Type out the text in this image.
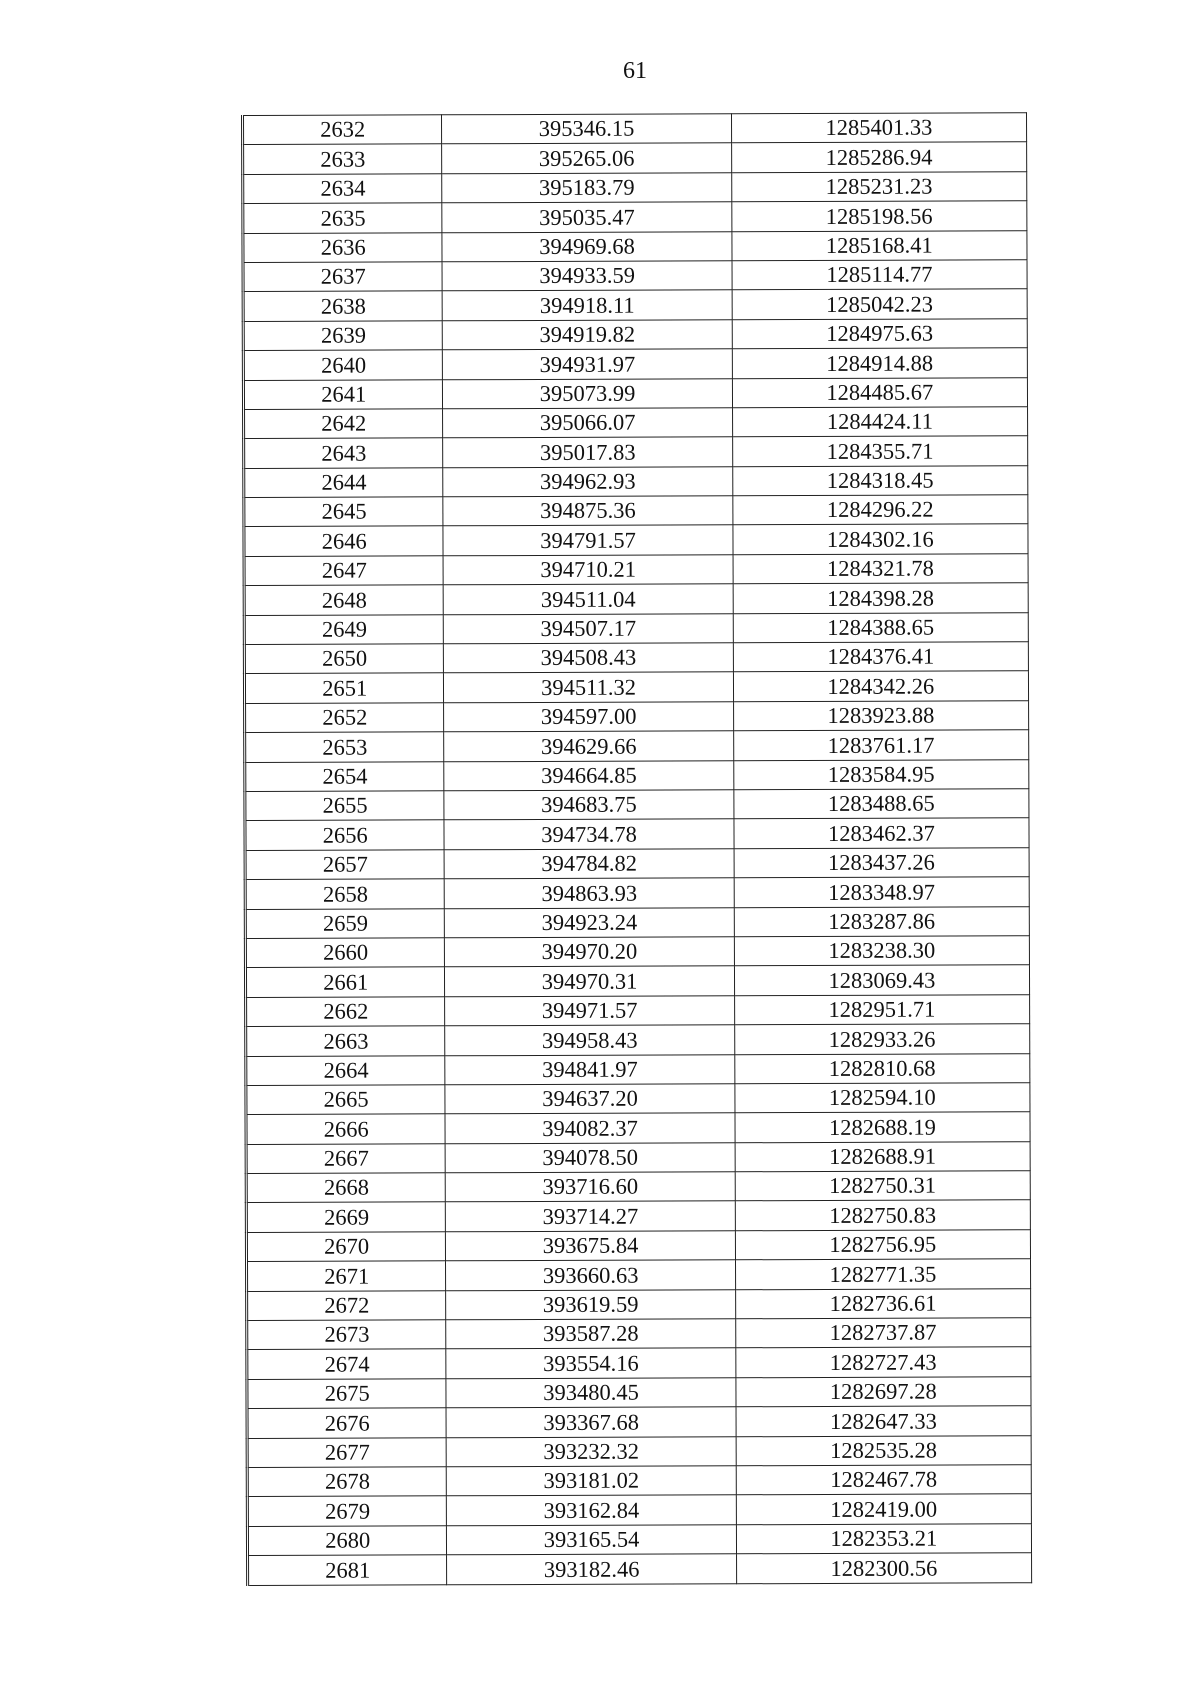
61
2632	395346.15	1285401.33
2633	395265.06	1285286.94
2634	395183.79	1285231.23
2635	395035.47	1285198.56
2636	394969.68	1285168.41
2637	394933.59	1285114.77
2638	394918.11	1285042.23
2639	394919.82	1284975.63
2640	394931.97	1284914.88
2641	395073.99	1284485.67
2642	395066.07	1284424.11
2643	395017.83	1284355.71
2644	394962.93	1284318.45
2645	394875.36	1284296.22
2646	394791.57	1284302.16
2647	394710.21	1284321.78
2648	394511.04	1284398.28
2649	394507.17	1284388.65
2650	394508.43	1284376.41
2651	394511.32	1284342.26
2652	394597.00	1283923.88
2653	394629.66	1283761.17
2654	394664.85	1283584.95
2655	394683.75	1283488.65
2656	394734.78	1283462.37
2657	394784.82	1283437.26
2658	394863.93	1283348.97
2659	394923.24	1283287.86
2660	394970.20	1283238.30
2661	394970.31	1283069.43
2662	394971.57	1282951.71
2663	394958.43	1282933.26
2664	394841.97	1282810.68
2665	394637.20	1282594.10
2666	394082.37	1282688.19
2667	394078.50	1282688.91
2668	393716.60	1282750.31
2669	393714.27	1282750.83
2670	393675.84	1282756.95
2671	393660.63	1282771.35
2672	393619.59	1282736.61
2673	393587.28	1282737.87
2674	393554.16	1282727.43
2675	393480.45	1282697.28
2676	393367.68	1282647.33
2677	393232.32	1282535.28
2678	393181.02	1282467.78
2679	393162.84	1282419.00
2680	393165.54	1282353.21
2681	393182.46	1282300.56
